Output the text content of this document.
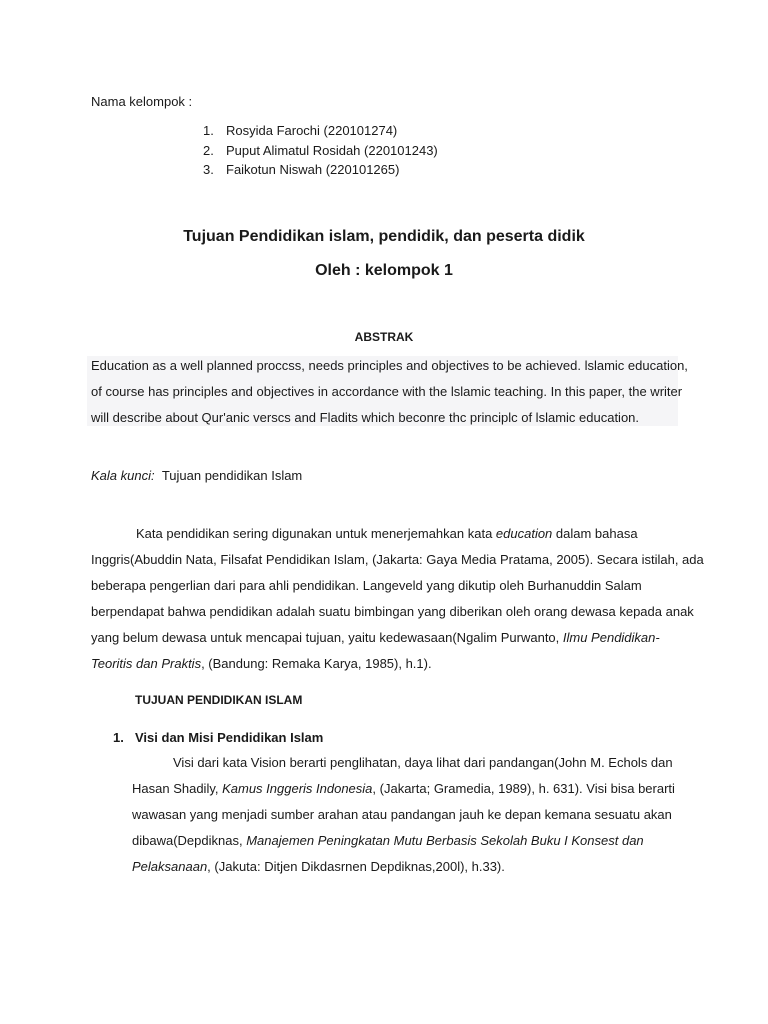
Nama kelompok :
1. Rosyida Farochi (220101274)
2. Puput Alimatul Rosidah (220101243)
3. Faikotun Niswah (220101265)
Tujuan Pendidikan islam, pendidik, dan peserta didik
Oleh : kelompok 1
ABSTRAK
Education as a well planned proccss, needs principles and objectives to be achieved. lslamic education,
of course has principles and objectives in accordance with the lslamic teaching. In this paper, the writer
will describe about Qur'anic verscs and Fladits which beconre thc principlc of lslamic education.
Kala kunci: Tujuan pendidikan Islam
Kata pendidikan sering digunakan untuk menerjemahkan kata education dalam bahasa
Inggris(Abuddin Nata, Filsafat Pendidikan Islam, (Jakarta: Gaya Media Pratama, 2005). Secara istilah, ada
beberapa pengerlian dari para ahli pendidikan. Langeveld yang dikutip oleh Burhanuddin Salam
berpendapat bahwa pendidikan adalah suatu bimbingan yang diberikan oleh orang dewasa kepada anak
yang belum dewasa untuk mencapai tujuan, yaitu kedewasaan(Ngalim Purwanto, Ilmu Pendidikan-
Teoritis dan Praktis, (Bandung: Remaka Karya, 1985), h.1).
TUJUAN PENDIDIKAN ISLAM
1. Visi dan Misi Pendidikan Islam
Visi dari kata Vision berarti penglihatan, daya lihat dari pandangan(John M. Echols dan
Hasan Shadily, Kamus Inggeris Indonesia, (Jakarta; Gramedia, 1989), h. 631). Visi bisa berarti
wawasan yang menjadi sumber arahan atau pandangan jauh ke depan kemana sesuatu akan
dibawa(Depdiknas, Manajemen Peningkatan Mutu Berbasis Sekolah Buku I Konsest dan
Pelaksanaan, (Jakuta: Ditjen Dikdasrnen Depdiknas,200l), h.33).
